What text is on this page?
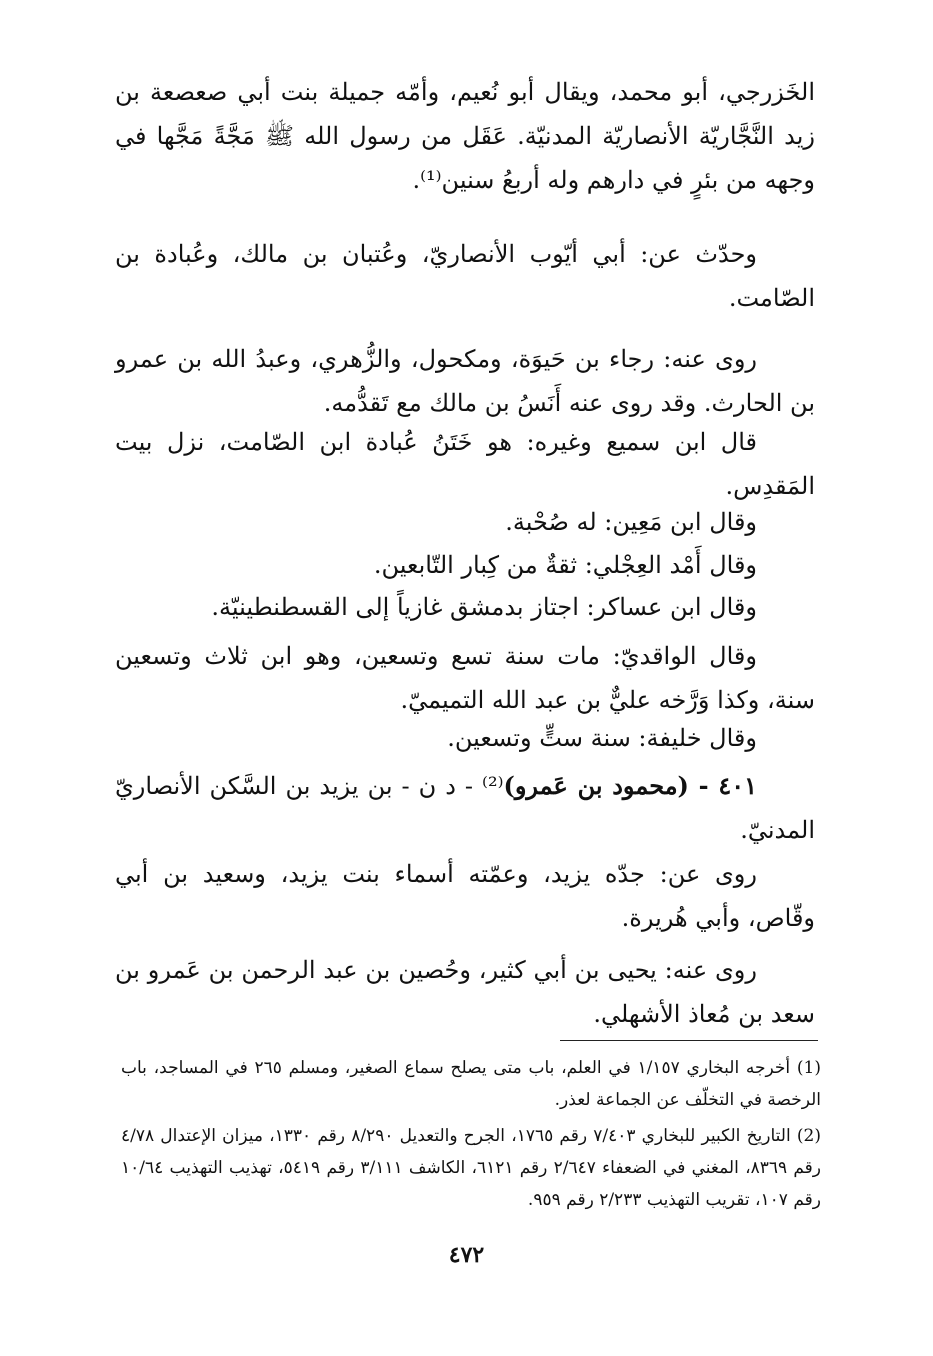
الخَزرجي، أبو محمد، ويقال أبو نُعيم، وأمّه جميلة بنت أبي صعصعة بن زيد النَّجَّاريّة الأنصاريّة المدنيّة. عَقَل من رسول الله ﷺ مَجَّةً مَجَّها في وجهه من بئرٍ في دارهم وله أربعُ سنين⁽¹⁾.

وحدّث عن: أبي أيّوب الأنصاريّ، وعُتبان بن مالك، وعُبادة بن الصّامت.

روى عنه: رجاء بن حَيوَة، ومكحول، والزُّهري، وعبدُ الله بن عمرو بن الحارث. وقد روى عنه أَنَسُ بن مالك مع تَقدُّمه.

قال ابن سميع وغيره: هو خَتَنُ عُبادة ابن الصّامت، نزل بيت المَقدِس.

وقال ابن مَعِين: له صُحْبة.

وقال أَمْد العِجْلي: ثقةٌ من كِبار التّابعين.

وقال ابن عساكر: اجتاز بدمشق غازياً إلى القسطنطينيّة.

وقال الواقديّ: مات سنة تسع وتسعين، وهو ابن ثلاث وتسعين سنة، وكذا وَرَّخه عليٌّ بن عبد الله التميميّ.

وقال خليفة: سنة ستٍّ وتسعين.

٤٠١ - (محمود بن عَمرو)⁽²⁾ - د ن - بن يزيد بن السَّكن الأنصاريّ المدنيّ.

روى عن: جدّه يزيد، وعمّته أسماء بنت يزيد، وسعيد بن أبي وقّاص، وأبي هُريرة.

روى عنه: يحيى بن أبي كثير، وحُصين بن عبد الرحمن بن عَمرو بن سعد بن مُعاذ الأشهلي.

(1) أخرجه البخاري ١/١٥٧ في العلم، باب متى يصلح سماع الصغير، ومسلم ٢٦٥ في المساجد، باب الرخصة في التخلّف عن الجماعة لعذر.

(2) التاريخ الكبير للبخاري ٧/٤٠٣ رقم ١٧٦٥، الجرح والتعديل ٨/٢٩٠ رقم ١٣٣٠، ميزان الإعتدال ٤/٧٨ رقم ٨٣٦٩، المغني في الضعفاء ٢/٦٤٧ رقم ٦١٢١، الكاشف ٣/١١١ رقم ٥٤١٩، تهذيب التهذيب ١٠/٦٤ رقم ١٠٧، تقريب التهذيب ٢/٢٣٣ رقم ٩٥٩.

٤٧٢
